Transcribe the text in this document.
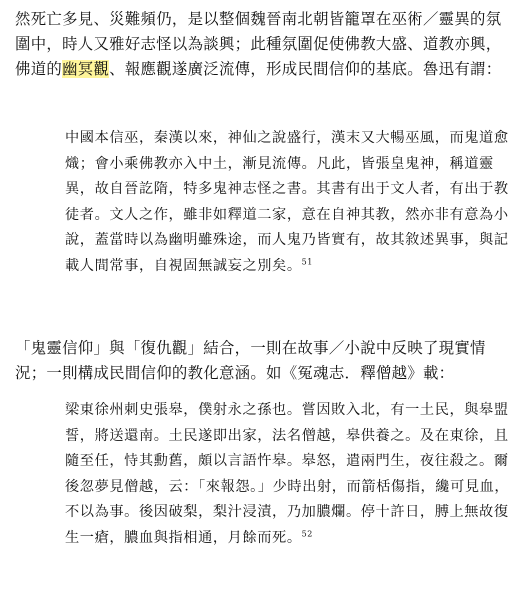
然死亡多見、災難頻仍，是以整個魏晉南北朝皆籠罩在巫術／靈異的氛圍中，時人又雅好志怪以為談興；此種氛圍促使佛教大盛、道教亦興，佛道的幽冥觀、報應觀遂廣泛流傳，形成民間信仰的基底。魯迅有謂：

中國本信巫，秦漢以來，神仙之說盛行，漢末又大暢巫風，而鬼道愈熾；會小乘佛教亦入中土，漸見流傳。凡此，皆張皇鬼神，稱道靈異，故自晉訖隋，特多鬼神志怪之書。其書有出于文人者，有出于教徒者。文人之作，雖非如釋道二家，意在自神其教，然亦非有意為小說，蓋當時以為幽明雖殊途，而人鬼乃皆實有，故其敘述異事，與記載人間常事，自視固無誠妄之別矣。$^{51}$

「鬼靈信仰」與「復仇觀」結合，一則在故事／小說中反映了現實情況；一則構成民間信仰的教化意涵。如《冤魂志．釋僧越》載：

梁東徐州刺史張皋，僕射永之孫也。嘗因敗入北，有一土民，與皋盟誓，將送還南。土民遂即出家，法名僧越，皋供養之。及在東徐，且隨至任，恃其勳舊，頗以言語忤皋。皋怒，遣兩門生，夜往殺之。爾後忽夢見僧越，云：「來報怨。」少時出射，而箭栝傷指，纔可見血，不以為事。後因破梨，梨汁浸漬，乃加膿爛。停十許日，膊上無故復生一瘡，膿血與指相通，月餘而死。$^{52}$
